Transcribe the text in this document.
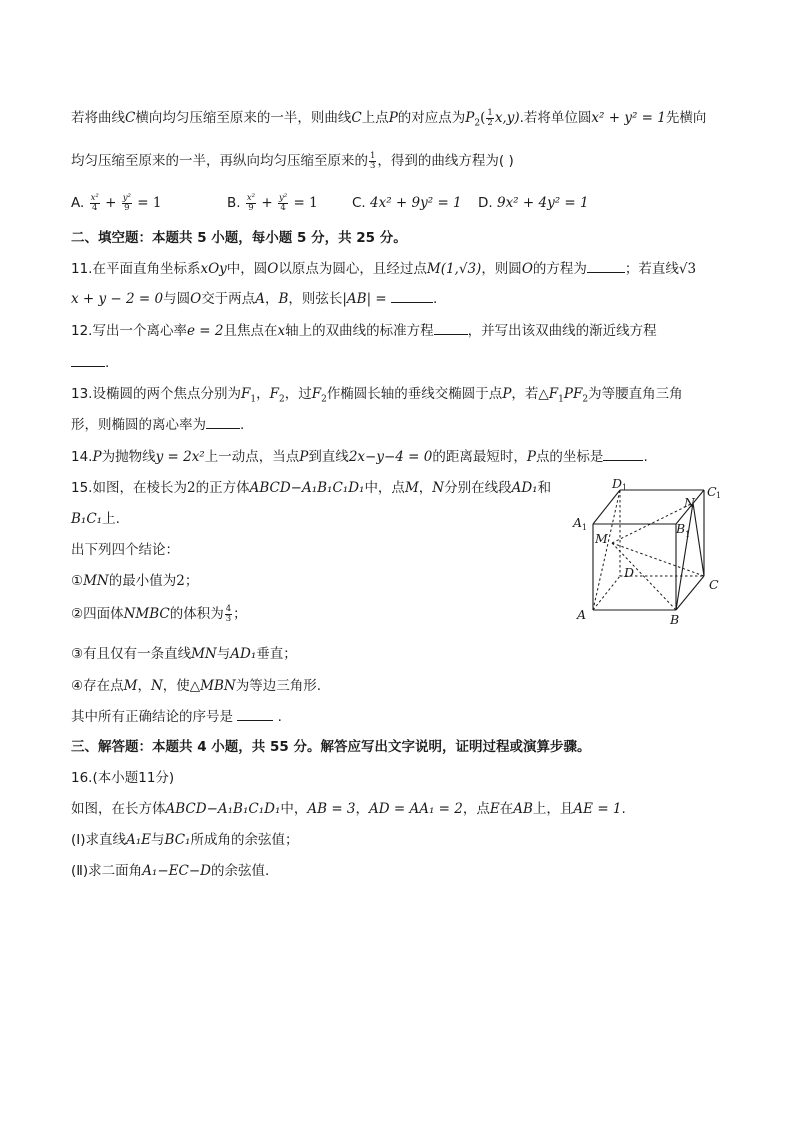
若将曲线C横向均匀压缩至原来的一半，则曲线C上点P的对应点为$P_2( \frac{1}{2} x,y)$.若将单位圆x² + y² = 1先横向
均匀压缩至原来的一半，再纵向均匀压缩至原来的 $\frac{1}{3}$ ，得到的曲线方程为( )
A. $\frac{\text{x²}}{4} + \frac{\text{y²}}{9} = 1$	B. $\frac{\text{x²}}{9} + \frac{\text{y²}}{4} = 1$	C. 4x² + 9y² = 1 D. 9x² + 4y² = 1
二、填空题：本题共 5 小题，每小题 5 分，共 25 分。
11.在平面直角坐标系xOy中，圆O以原点为圆心，且经过点M(1,√3)，则圆O的方程为	；若直线√3
x + y − 2 = 0与圆O交于两点A，B，则弦长|AB| =	.
12.写出一个离心率e = 2且焦点在x轴上的双曲线的标准方程	，并写出该双曲线的渐近线方程
.
13.设椭圆的两个焦点分别为$F_1$，$F_2$，过$F_2$作椭圆长轴的垂线交椭圆于点P，若$\triangle F_1PF_2$为等腰直角三角
形，则椭圆的离心率为	.
14.P为抛物线y = 2x²上一动点，当点P到直线2x−y−4 = 0的距离最短时，P点的坐标是	.
15.如图，在棱长为2的正方体ABCD−A₁B₁C₁D₁中，点M，N分别在线段AD₁和
B₁C₁上.
出下列四个结论：
①MN的最小值为2；
②四面体NMBC的体积为 $\frac{4}{3}$ ；
③有且仅有一条直线MN与AD₁垂直；
④存在点M，N，使△MBN为等边三角形.
其中所有正确结论的序号是	.
D 1	C 1
A 1	B 1
N
M
D
C
A	B
三、解答题：本题共 4 小题，共 55 分。解答应写出文字说明，证明过程或演算步骤。
16.(本小题11分)
如图，在长方体ABCD−A₁B₁C₁D₁中，AB = 3，AD = AA₁ = 2，点E在AB上，且AE = 1.
(Ⅰ)求直线A₁E与BC₁所成角的余弦值；
(Ⅱ)求二面角A₁−EC−D的余弦值.
